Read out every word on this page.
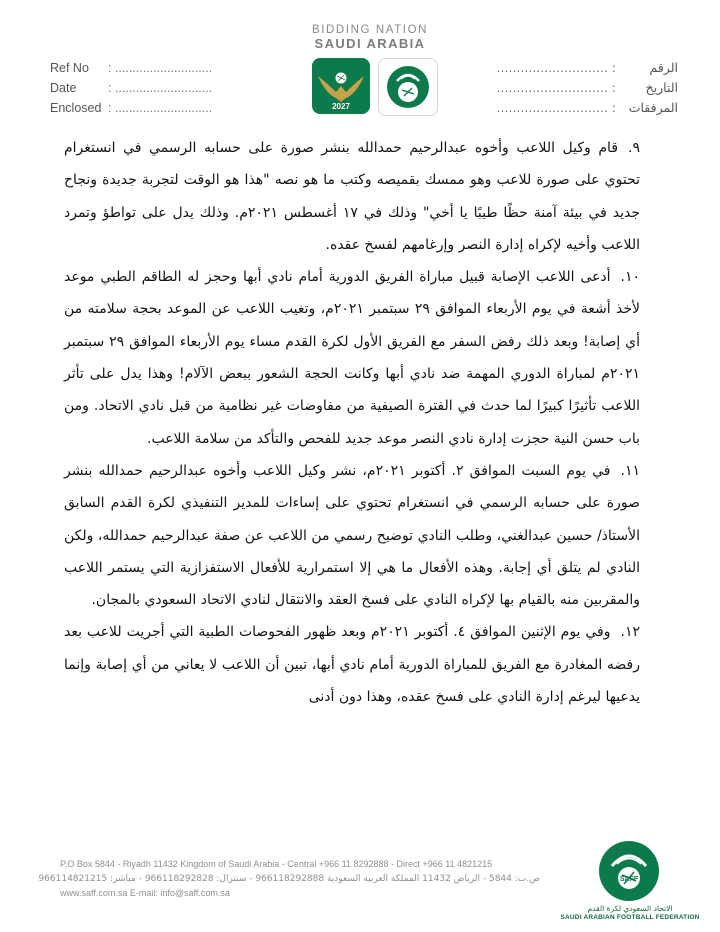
BIDDING NATION
SAUDI ARABIA
2027
Ref No : ............................
Date	: ............................
Enclosed : ............................
الرقم: ............................
التاريخ: ............................
المرفقات: ............................

٩.قام وكيل اللاعب وأخوه عبدالرحيم حمدالله بنشر صورة على حسابه الرسمي في انستغرام تحتوي على صورة للاعب وهو ممسك بقميصه وكتب ما هو نصه "هذا هو الوقت لتجربة جديدة ونجاح جديد في بيئة آمنة حظًا طيبًا يا أخي" وذلك في ١٧ أغسطس ٢٠٢١م. وذلك يدل على تواطؤ وتمرد اللاعب وأخيه لإكراه إدارة النصر وإرغامهم لفسخ عقده.

١٠.أدعى اللاعب الإصابة قبيل مباراة الفريق الدورية أمام نادي أبها وحجز له الطاقم الطبي موعد لأخذ أشعة في يوم الأربعاء الموافق ٢٩ سبتمبر ٢٠٢١م، وتغيب اللاعب عن الموعد بحجة سلامته من أي إصابة! وبعد ذلك رفض السفر مع الفريق الأول لكرة القدم مساء يوم الأربعاء الموافق ٢٩ سبتمبر ٢٠٢١م لمباراة الدوري المهمة ضد نادي أبها وكانت الحجة الشعور ببعض الآلام! وهذا يدل على تأثر اللاعب تأثيرًا كبيرًا لما حدث في الفترة الصيفية من مفاوضات غير نظامية من قبل نادي الاتحاد. ومن باب حسن النية حجزت إدارة نادي النصر موعد جديد للفحص والتأكد من سلامة اللاعب.

١١.في يوم السبت الموافق ٢. أكتوبر ٢٠٢١م، نشر وكيل اللاعب وأخوه عبدالرحيم حمدالله بنشر صورة على حسابه الرسمي في انستغرام تحتوي على إساءات للمدير التنفيذي لكرة القدم السابق الأستاذ/ حسين عبدالغني، وطلب النادي توضيح رسمي من اللاعب عن صفة عبدالرحيم حمدالله، ولكن النادي لم يتلق أي إجابة. وهذه الأفعال ما هي إلا استمرارية للأفعال الاستفزازية التي يستمر اللاعب والمقربين منه بالقيام بها لإكراه النادي على فسخ العقد والانتقال لنادي الاتحاد السعودي بالمجان.

١٢.وفي يوم الإثنين الموافق ٤. أكتوبر ٢٠٢١م وبعد ظهور الفحوصات الطبية التي أجريت للاعب بعد رفضه المغادرة مع الفريق للمباراة الدورية أمام نادي أبها، تبين أن اللاعب لا يعاني من أي إصابة وإنما يدعيها ليرغم إدارة النادي على فسخ عقده، وهذا دون أدنى

P.O Box 5844 - Riyadh 11432 Kingdom of Saudi Arabia - Central +966 11 8292888 - Direct +966 11 4821215
ص.ب: 5844 - الرياض 11432 المملكة العربية السعودية 966118292888 - سنترال: 966118292828 - مباشر: 966114821215
www.saff.com.sa E-mail: info@saff.com.sa
SAFF
الاتحاد السعودي لكرة القدم
SAUDI ARABIAN FOOTBALL FEDERATION
